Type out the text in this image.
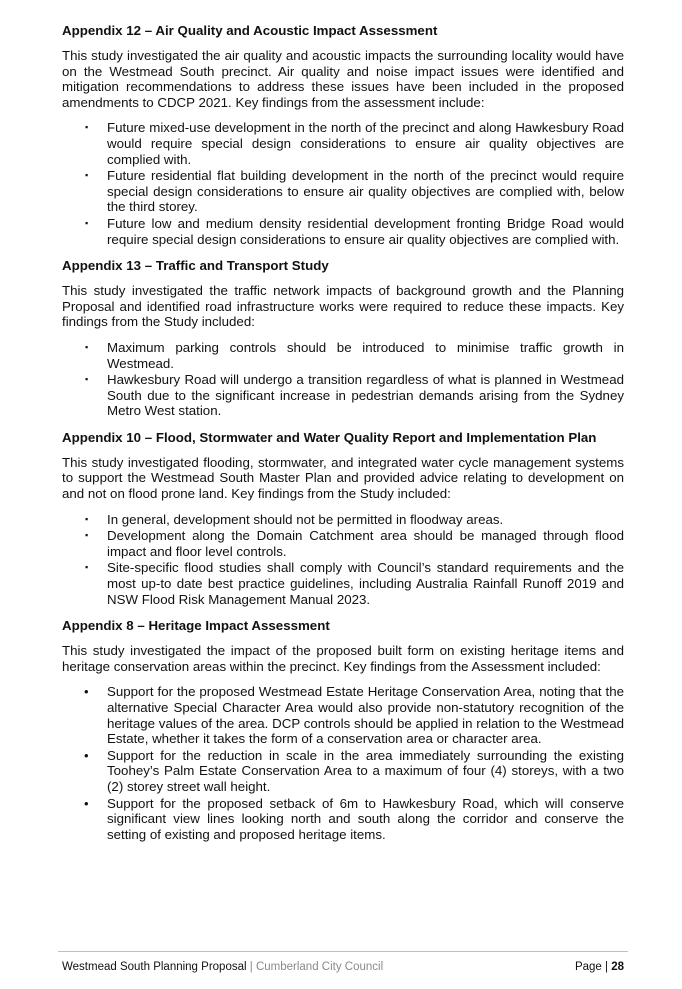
Appendix 12 – Air Quality and Acoustic Impact Assessment

This study investigated the air quality and acoustic impacts the surrounding locality would have on the Westmead South precinct. Air quality and noise impact issues were identified and mitigation recommendations to address these issues have been included in the proposed amendments to CDCP 2021. Key findings from the assessment include:

▪ Future mixed-use development in the north of the precinct and along Hawkesbury Road would require special design considerations to ensure air quality objectives are complied with.
▪ Future residential flat building development in the north of the precinct would require special design considerations to ensure air quality objectives are complied with, below the third storey.
▪ Future low and medium density residential development fronting Bridge Road would require special design considerations to ensure air quality objectives are complied with.
Appendix 13 – Traffic and Transport Study

This study investigated the traffic network impacts of background growth and the Planning Proposal and identified road infrastructure works were required to reduce these impacts. Key findings from the Study included:

▪ Maximum parking controls should be introduced to minimise traffic growth in Westmead.
▪ Hawkesbury Road will undergo a transition regardless of what is planned in Westmead South due to the significant increase in pedestrian demands arising from the Sydney Metro West station.
Appendix 10 – Flood, Stormwater and Water Quality Report and Implementation Plan

This study investigated flooding, stormwater, and integrated water cycle management systems to support the Westmead South Master Plan and provided advice relating to development on and not on flood prone land. Key findings from the Study included:

▪ In general, development should not be permitted in floodway areas.
▪ Development along the Domain Catchment area should be managed through flood impact and floor level controls.
▪ Site-specific flood studies shall comply with Council’s standard requirements and the most up-to date best practice guidelines, including Australia Rainfall Runoff 2019 and NSW Flood Risk Management Manual 2023.
Appendix 8 – Heritage Impact Assessment

This study investigated the impact of the proposed built form on existing heritage items and heritage conservation areas within the precinct. Key findings from the Assessment included:

• Support for the proposed Westmead Estate Heritage Conservation Area, noting that the alternative Special Character Area would also provide non-statutory recognition of the heritage values of the area. DCP controls should be applied in relation to the Westmead Estate, whether it takes the form of a conservation area or character area.
• Support for the reduction in scale in the area immediately surrounding the existing Toohey’s Palm Estate Conservation Area to a maximum of four (4) storeys, with a two (2) storey street wall height.
• Support for the proposed setback of 6m to Hawkesbury Road, which will conserve significant view lines looking north and south along the corridor and conserve the setting of existing and proposed heritage items.
Westmead South Planning Proposal | Cumberland City Council	Page | 28
